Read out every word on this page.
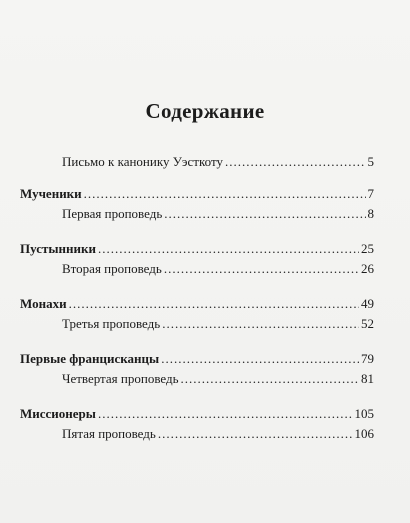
Содержание
Письмо к канонику Уэсткоту .....	5
Мученики .....	7
Первая проповедь .....	8
Пустынники .....	25
Вторая проповедь .....	26
Монахи .....	49
Третья проповедь .....	52
Первые францисканцы .....	79
Четвертая проповедь .....	81
Миссионеры .....	105
Пятая проповедь .....	106
